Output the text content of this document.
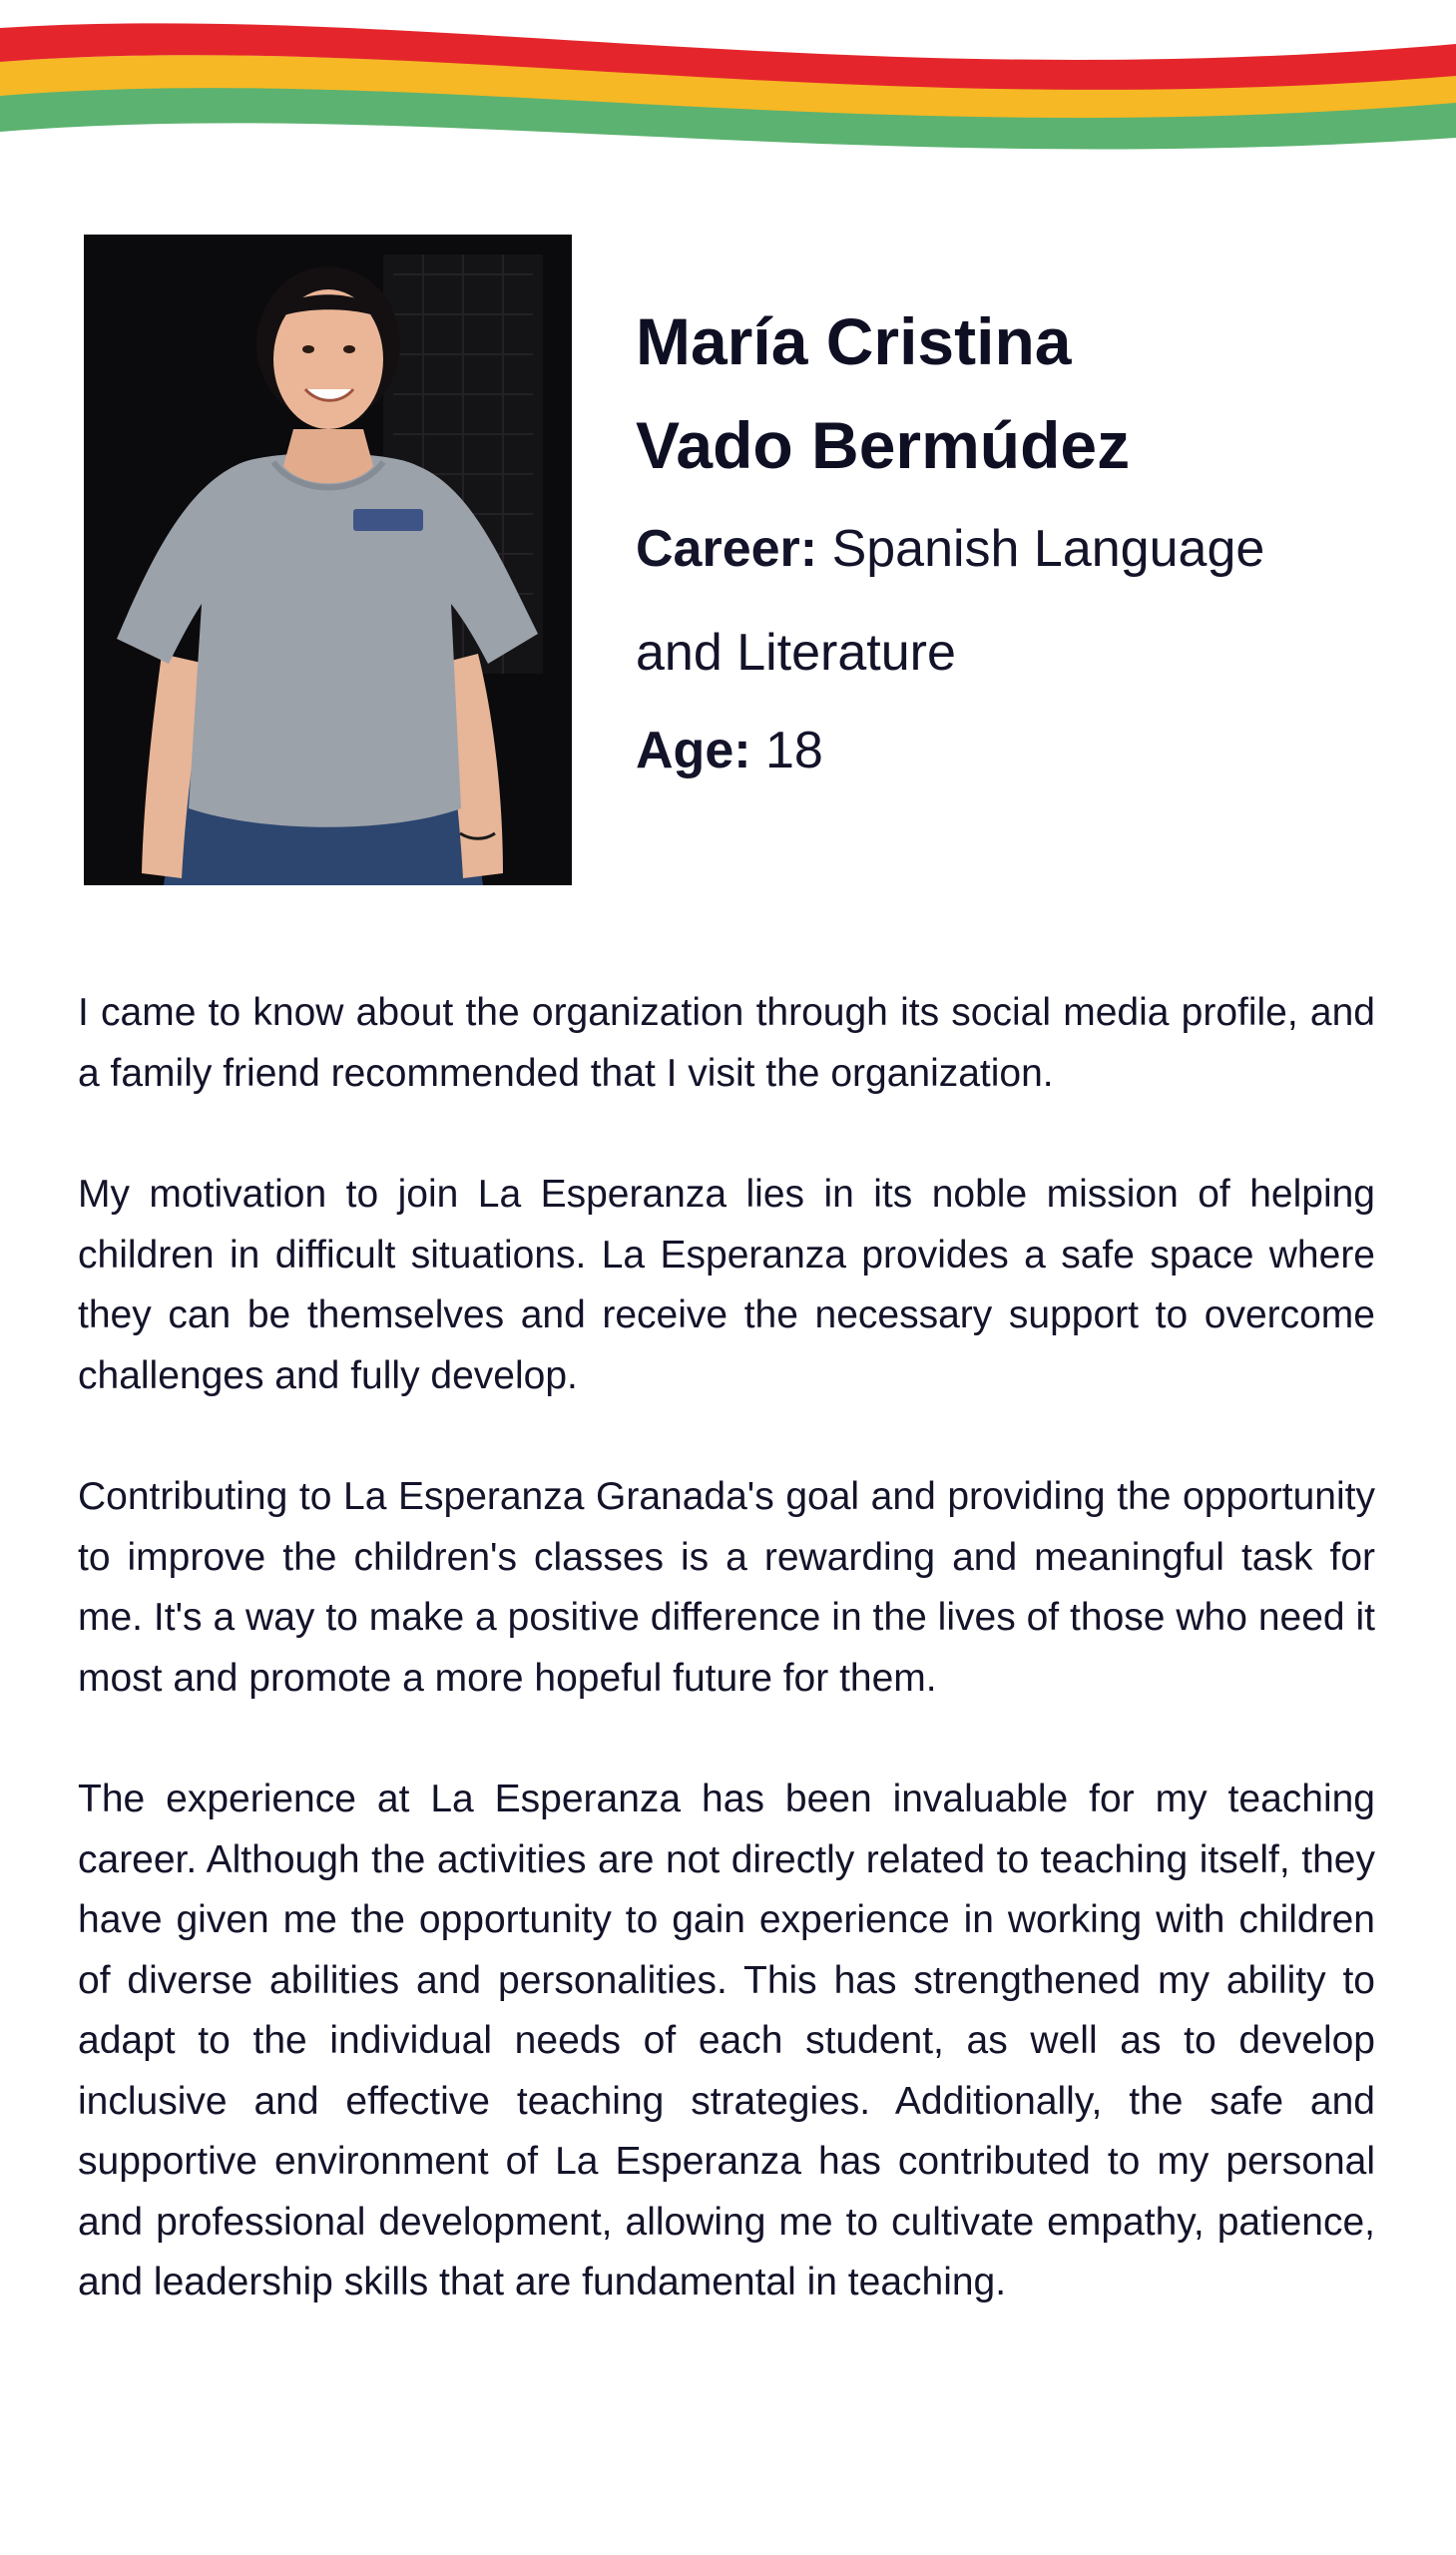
María Cristina

Vado Bermúdez

Career: Spanish Language

and Literature

Age: 18

I came to know about the organization through its social media profile, and a family friend recommended that I visit the organization.

My motivation to join La Esperanza lies in its noble mission of helping children in difficult situations. La Esperanza provides a safe space where they can be themselves and receive the necessary support to overcome challenges and fully develop.

Contributing to La Esperanza Granada's goal and providing the opportunity to improve the children's classes is a rewarding and meaningful task for me. It's a way to make a positive difference in the lives of those who need it most and promote a more hopeful future for them.

The experience at La Esperanza has been invaluable for my teaching career. Although the activities are not directly related to teaching itself, they have given me the opportunity to gain experience in working with children of diverse abilities and personalities. This has strengthened my ability to adapt to the individual needs of each student, as well as to develop inclusive and effective teaching strategies. Additionally, the safe and supportive environment of La Esperanza has contributed to my personal and professional development, allowing me to cultivate empathy, patience, and leadership skills that are fundamental in teaching.
